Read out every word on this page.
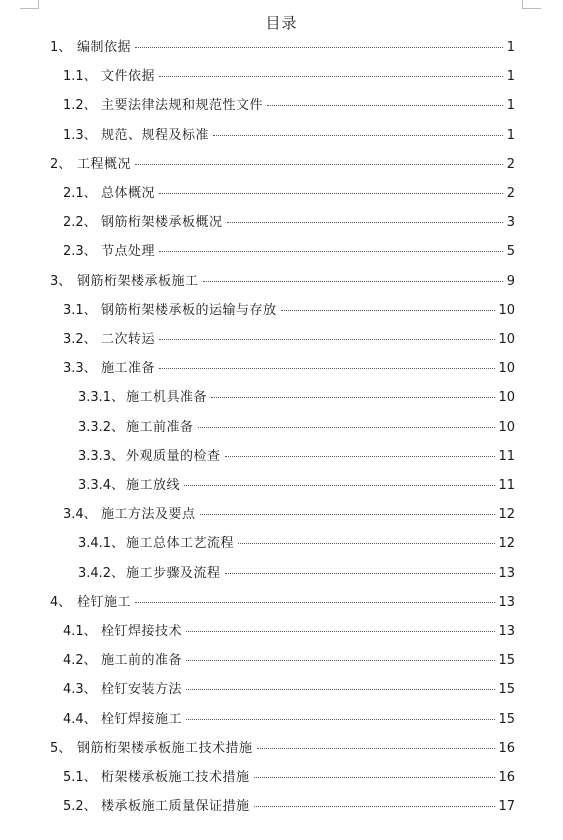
目录
1、 编制依据	1
1.1、 文件依据	1
1.2、 主要法律法规和规范性文件	1
1.3、 规范、规程及标准	1
2、 工程概况	2
2.1、 总体概况	2
2.2、 钢筋桁架楼承板概况	3
2.3、 节点处理	5
3、 钢筋桁架楼承板施工	9
3.1、 钢筋桁架楼承板的运输与存放	10
3.2、 二次转运	10
3.3、 施工准备	10
3.3.1、 施工机具准备	10
3.3.2、 施工前准备	10
3.3.3、 外观质量的检查	11
3.3.4、 施工放线	11
3.4、 施工方法及要点	12
3.4.1、 施工总体工艺流程	12
3.4.2、 施工步骤及流程	13
4、 栓钉施工	13
4.1、 栓钉焊接技术	13
4.2、 施工前的准备	15
4.3、 栓钉安装方法	15
4.4、 栓钉焊接施工	15
5、 钢筋桁架楼承板施工技术措施	16
5.1、 桁架楼承板施工技术措施	16
5.2、 楼承板施工质量保证措施	17
